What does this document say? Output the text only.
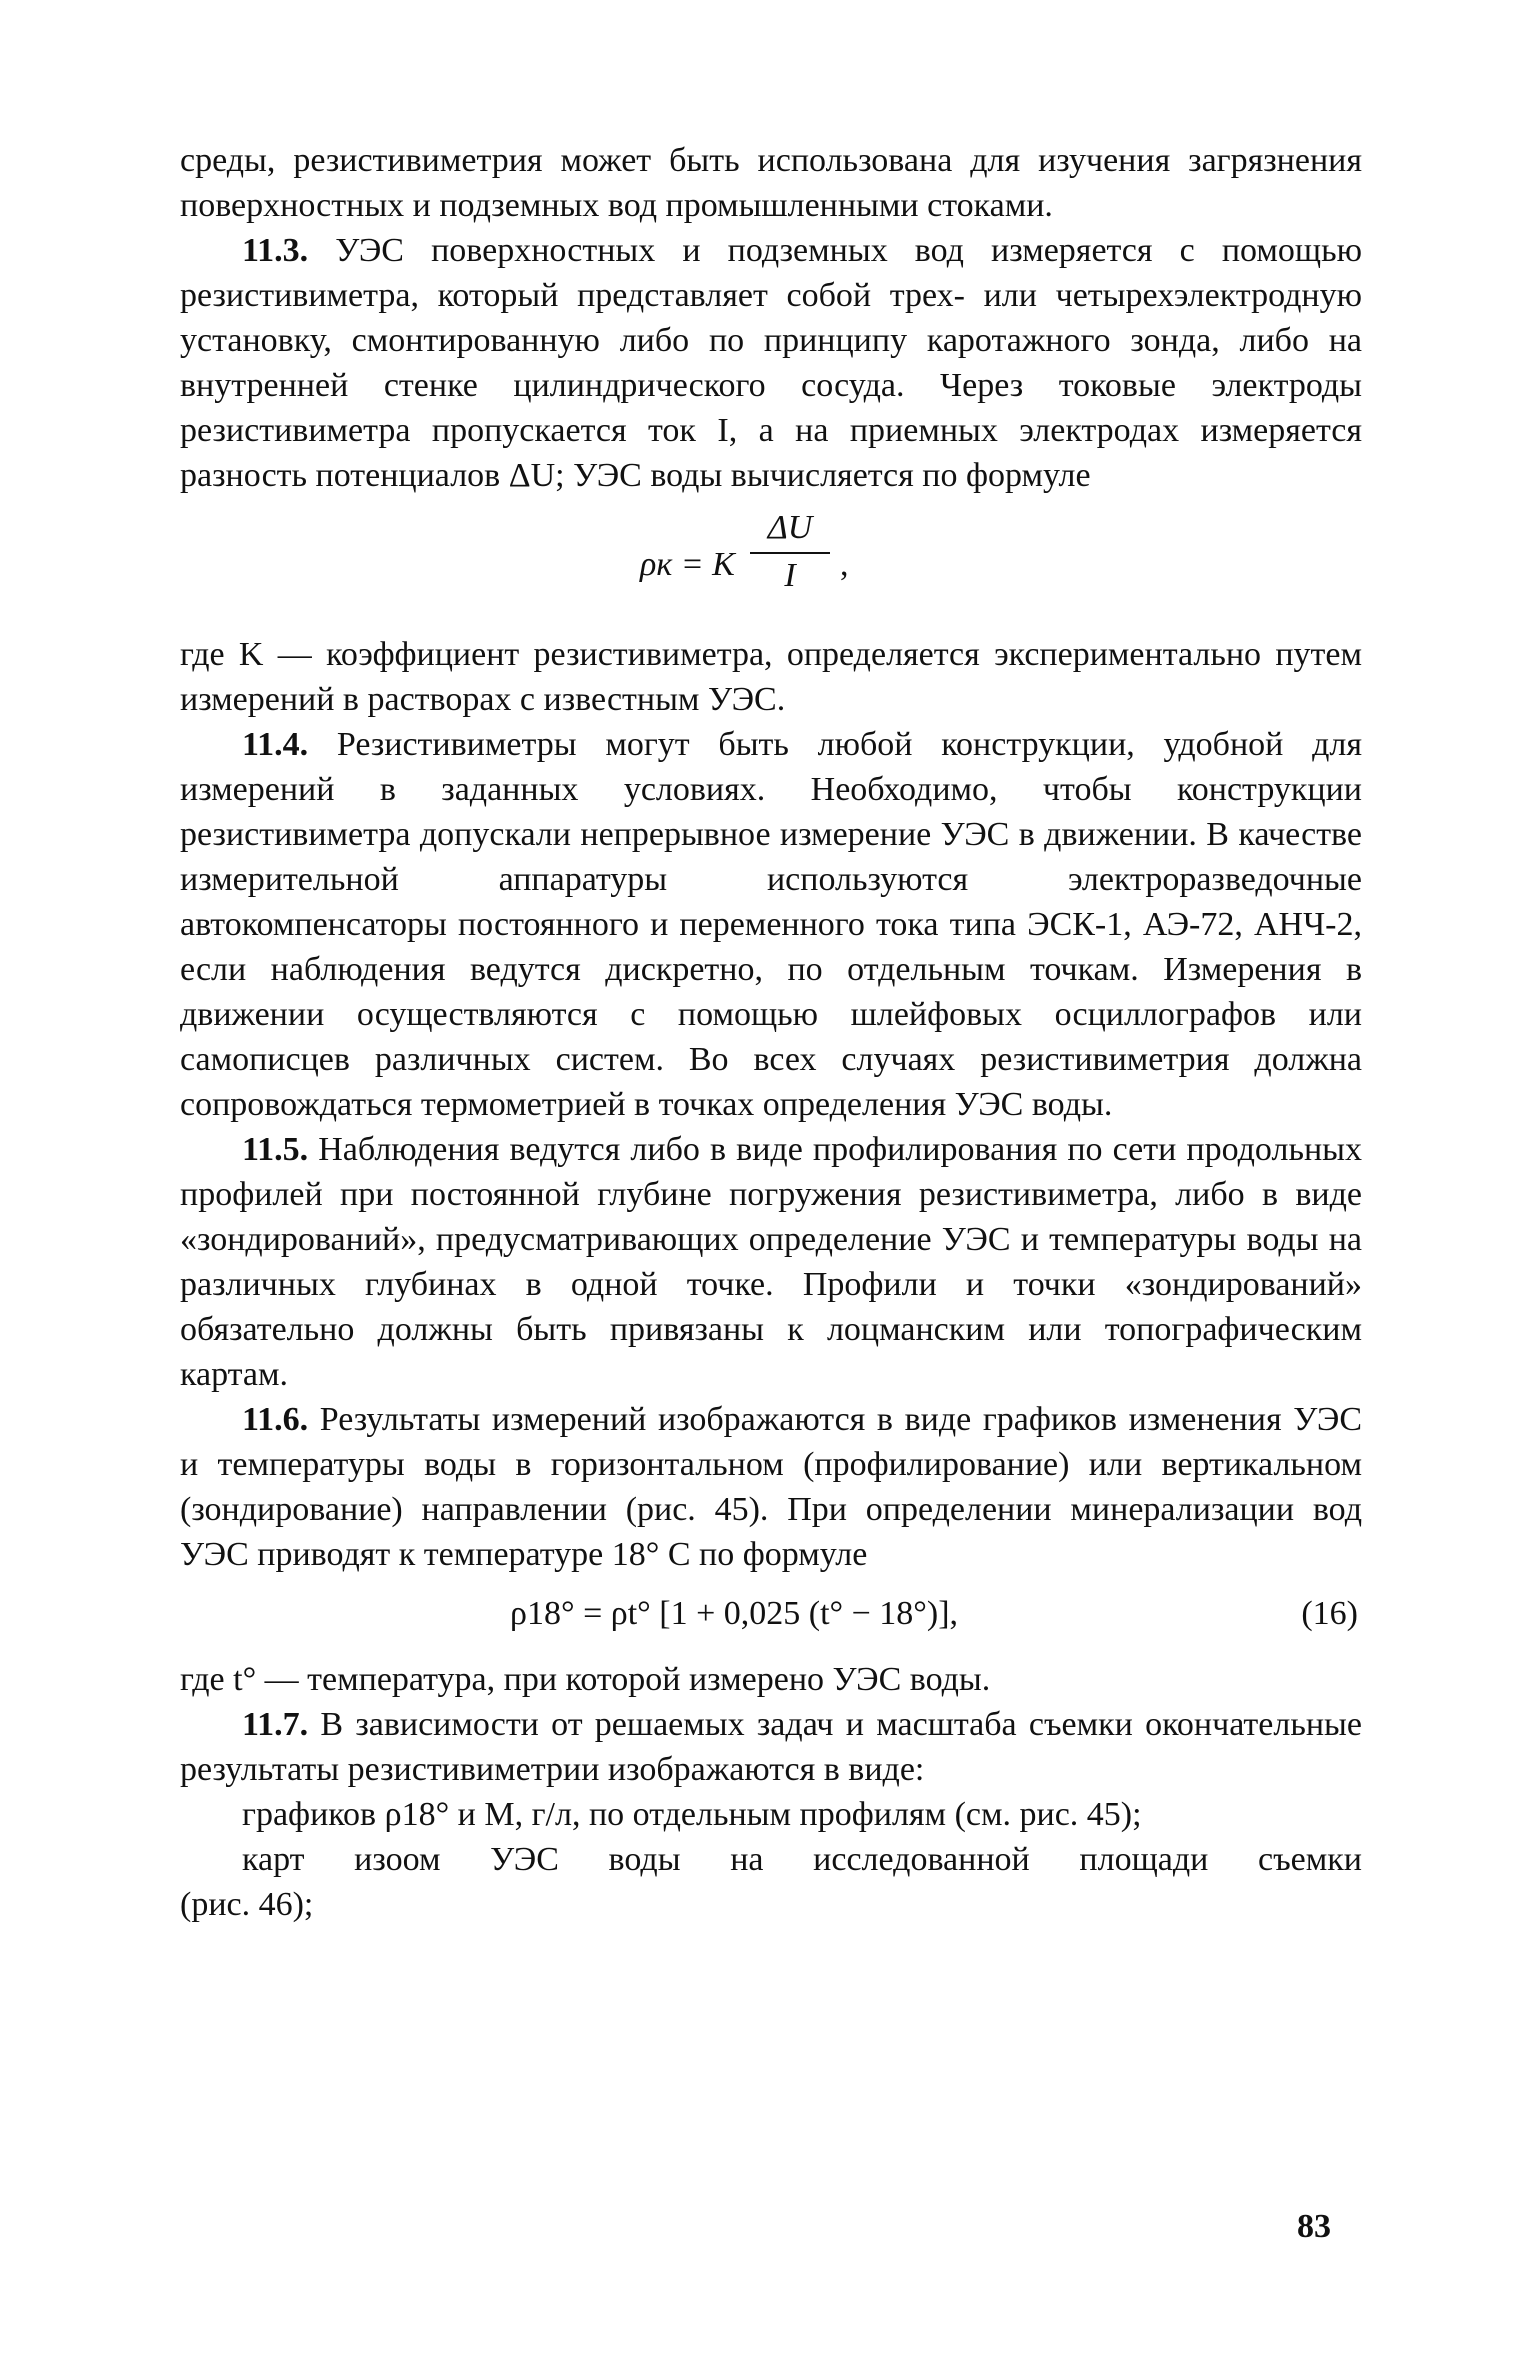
среды, резистивиметрия может быть использована для изучения загрязнения поверхностных и подземных вод промышленными стоками.

11.3. УЭС поверхностных и подземных вод измеряется с помощью резистивиметра, который представляет собой трех- или четырехэлектродную установку, смонтированную либо по принципу каротажного зонда, либо на внутренней стенке цилиндрического сосуда. Через токовые электроды резистивиметра пропускается ток I, а на приемных электродах измеряется разность потенциалов ΔU; УЭС воды вычисляется по формуле

ρк = K
ΔU
I	,

где K — коэффициент резистивиметра, определяется экспериментально путем измерений в растворах с известным УЭС.

11.4. Резистивиметры могут быть любой конструкции, удобной для измерений в заданных условиях. Необходимо, чтобы конструкции резистивиметра допускали непрерывное измерение УЭС в движении. В качестве измерительной аппаратуры используются электроразведочные автокомпенсаторы постоянного и переменного тока типа ЭСК-1, АЭ-72, АНЧ-2, если наблюдения ведутся дискретно, по отдельным точкам. Измерения в движении осуществляются с помощью шлейфовых осциллографов или самописцев различных систем. Во всех случаях резистивиметрия должна сопровождаться термометрией в точках определения УЭС воды.

11.5. Наблюдения ведутся либо в виде профилирования по сети продольных профилей при постоянной глубине погружения резистивиметра, либо в виде «зондирований», предусматривающих определение УЭС и температуры воды на различных глубинах в одной точке. Профили и точки «зондирований» обязательно должны быть привязаны к лоцманским или топографическим картам.

11.6. Результаты измерений изображаются в виде графиков изменения УЭС и температуры воды в горизонтальном (профилирование) или вертикальном (зондирование) направлении (рис. 45). При определении минерализации вод УЭС приводят к температуре 18° C по формуле

ρ18° = ρt° [1 + 0,025 (t° − 18°)],	(16)

где t° — температура, при которой измерено УЭС воды.

11.7. В зависимости от решаемых задач и масштаба съемки окончательные результаты резистивиметрии изображаются в виде:

графиков ρ18° и M, г/л, по отдельным профилям (см. рис. 45);
карт изоом УЭС воды на исследованной площади съемки
(рис. 46);
83
